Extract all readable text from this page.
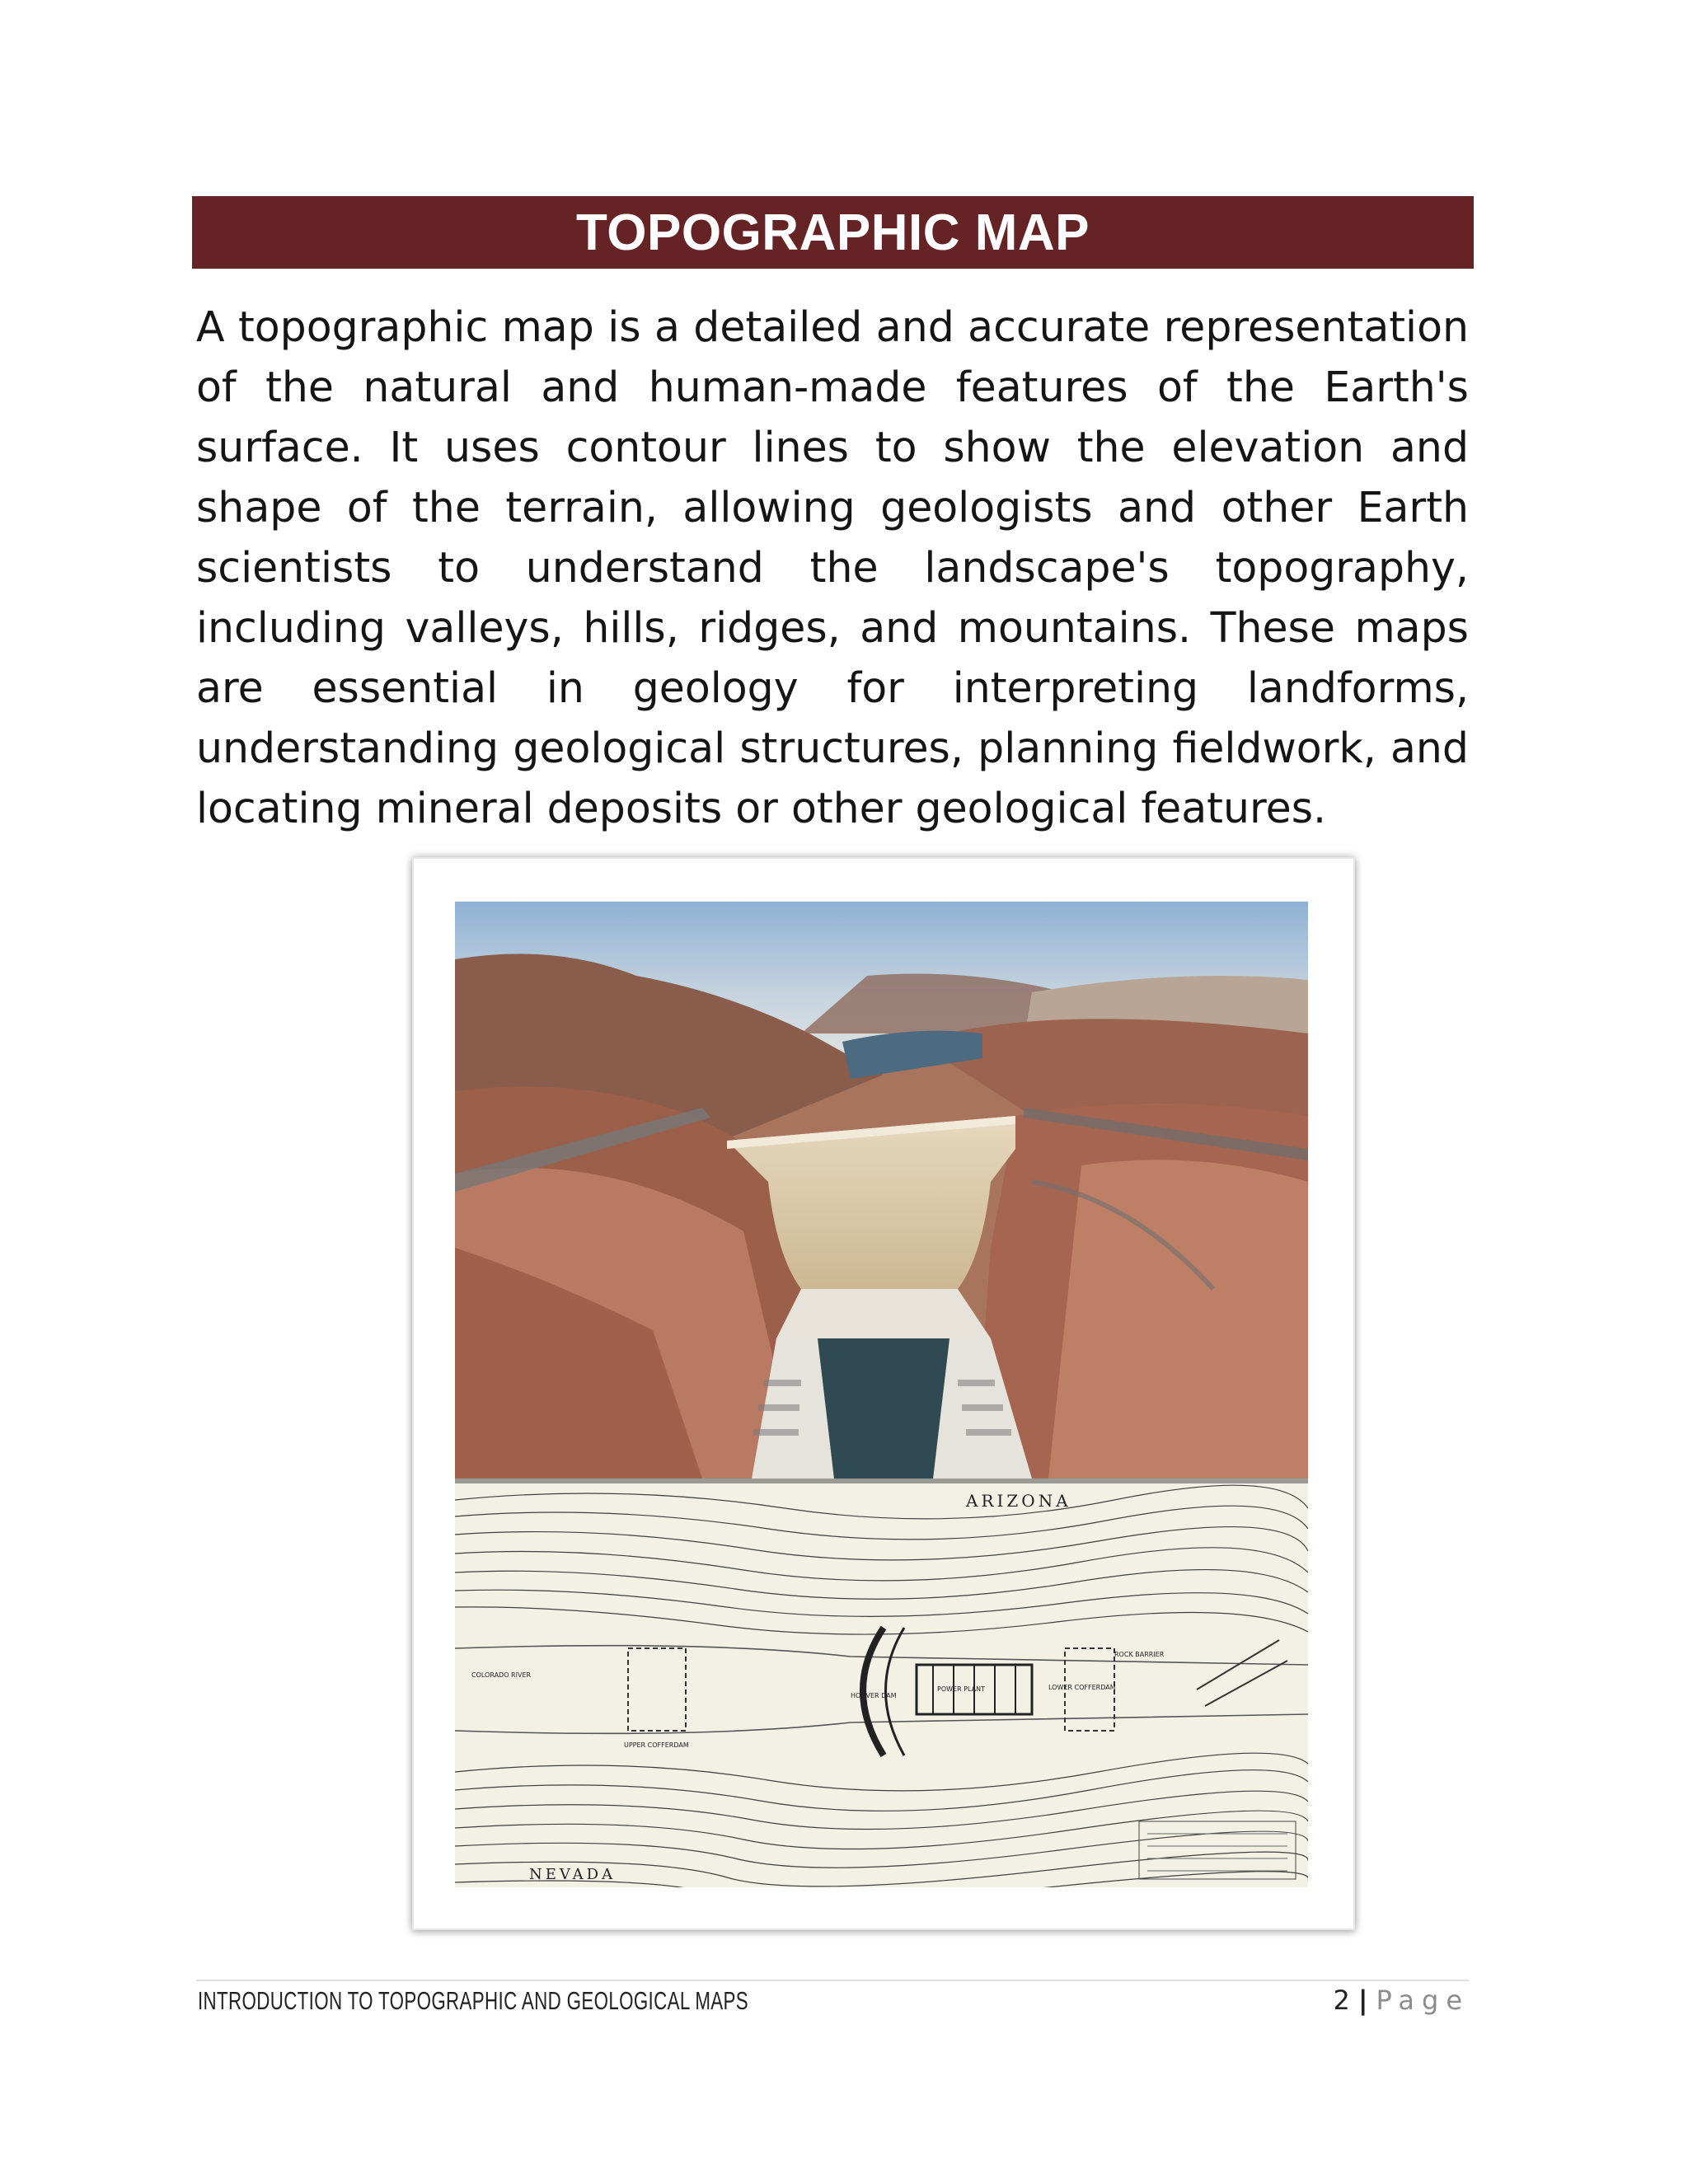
TOPOGRAPHIC MAP

A topographic map is a detailed and accurate representation of the natural and human-made features of the Earth's surface. It uses contour lines to show the elevation and shape of the terrain, allowing geologists and other Earth scientists to understand the landscape's topography, including valleys, hills, ridges, and mountains. These maps are essential in geology for interpreting landforms, understanding geological structures, planning fieldwork, and locating mineral deposits or other geological features.

ARIZONA
NEVADA
COLORADO RIVER
UPPER COFFERDAM
HOOVER DAM
POWER PLANT	LOWER COFFERDAM
ROCK BARRIER
INTRODUCTION TO TOPOGRAPHIC AND GEOLOGICAL MAPS	2 | Page
